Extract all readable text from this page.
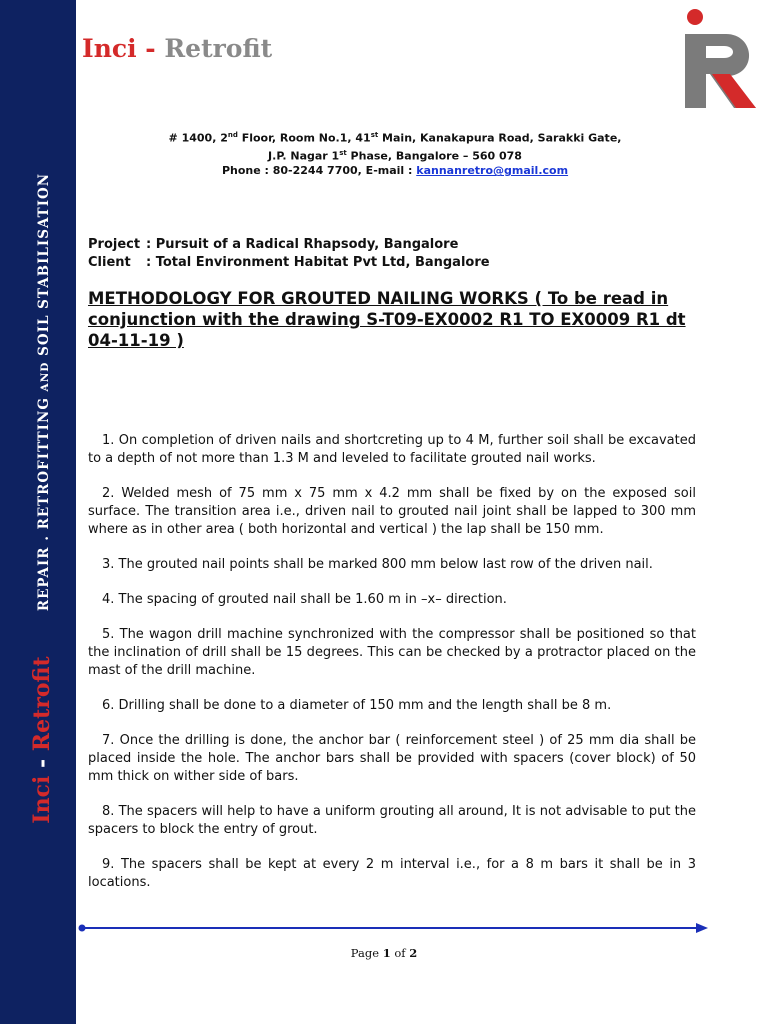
REPAIR . RETROFITTING AND SOIL STABILISATION
Inci - Retrofit
Inci - Retrofit
# 1400, 2nd Floor, Room No.1, 41st Main, Kanakapura Road, Sarakki Gate,
J.P. Nagar 1st Phase, Bangalore – 560 078
Phone : 80-2244 7700, E-mail : kannanretro@gmail.com
Project : Pursuit of a Radical Rhapsody, Bangalore
Client : Total Environment Habitat Pvt Ltd, Bangalore
METHODOLOGY FOR GROUTED NAILING WORKS ( To be read in conjunction with the drawing S-T09-EX0002 R1 TO EX0009 R1 dt 04-11-19 )

1. On completion of driven nails and shortcreting up to 4 M, further soil shall be excavated to a depth of not more than 1.3 M and leveled to facilitate grouted nail works.

2. Welded mesh of 75 mm x 75 mm x 4.2 mm shall be fixed by on the exposed soil surface. The transition area i.e., driven nail to grouted nail joint shall be lapped to 300 mm where as in other area ( both horizontal and vertical ) the lap shall be 150 mm.

3. The grouted nail points shall be marked 800 mm below last row of the driven nail.

4. The spacing of grouted nail shall be 1.60 m in –x– direction.

5. The wagon drill machine synchronized with the compressor shall be positioned so that the inclination of drill shall be 15 degrees. This can be checked by a protractor placed on the mast of the drill machine.

6. Drilling shall be done to a diameter of 150 mm and the length shall be 8 m.

7. Once the drilling is done, the anchor bar ( reinforcement steel ) of 25 mm dia shall be placed inside the hole. The anchor bars shall be provided with spacers (cover block) of 50 mm thick on wither side of bars.

8. The spacers will help to have a uniform grouting all around, It is not advisable to put the spacers to block the entry of grout.

9. The spacers shall be kept at every 2 m interval i.e., for a 8 m bars it shall be in 3 locations.

Page 1 of 2
